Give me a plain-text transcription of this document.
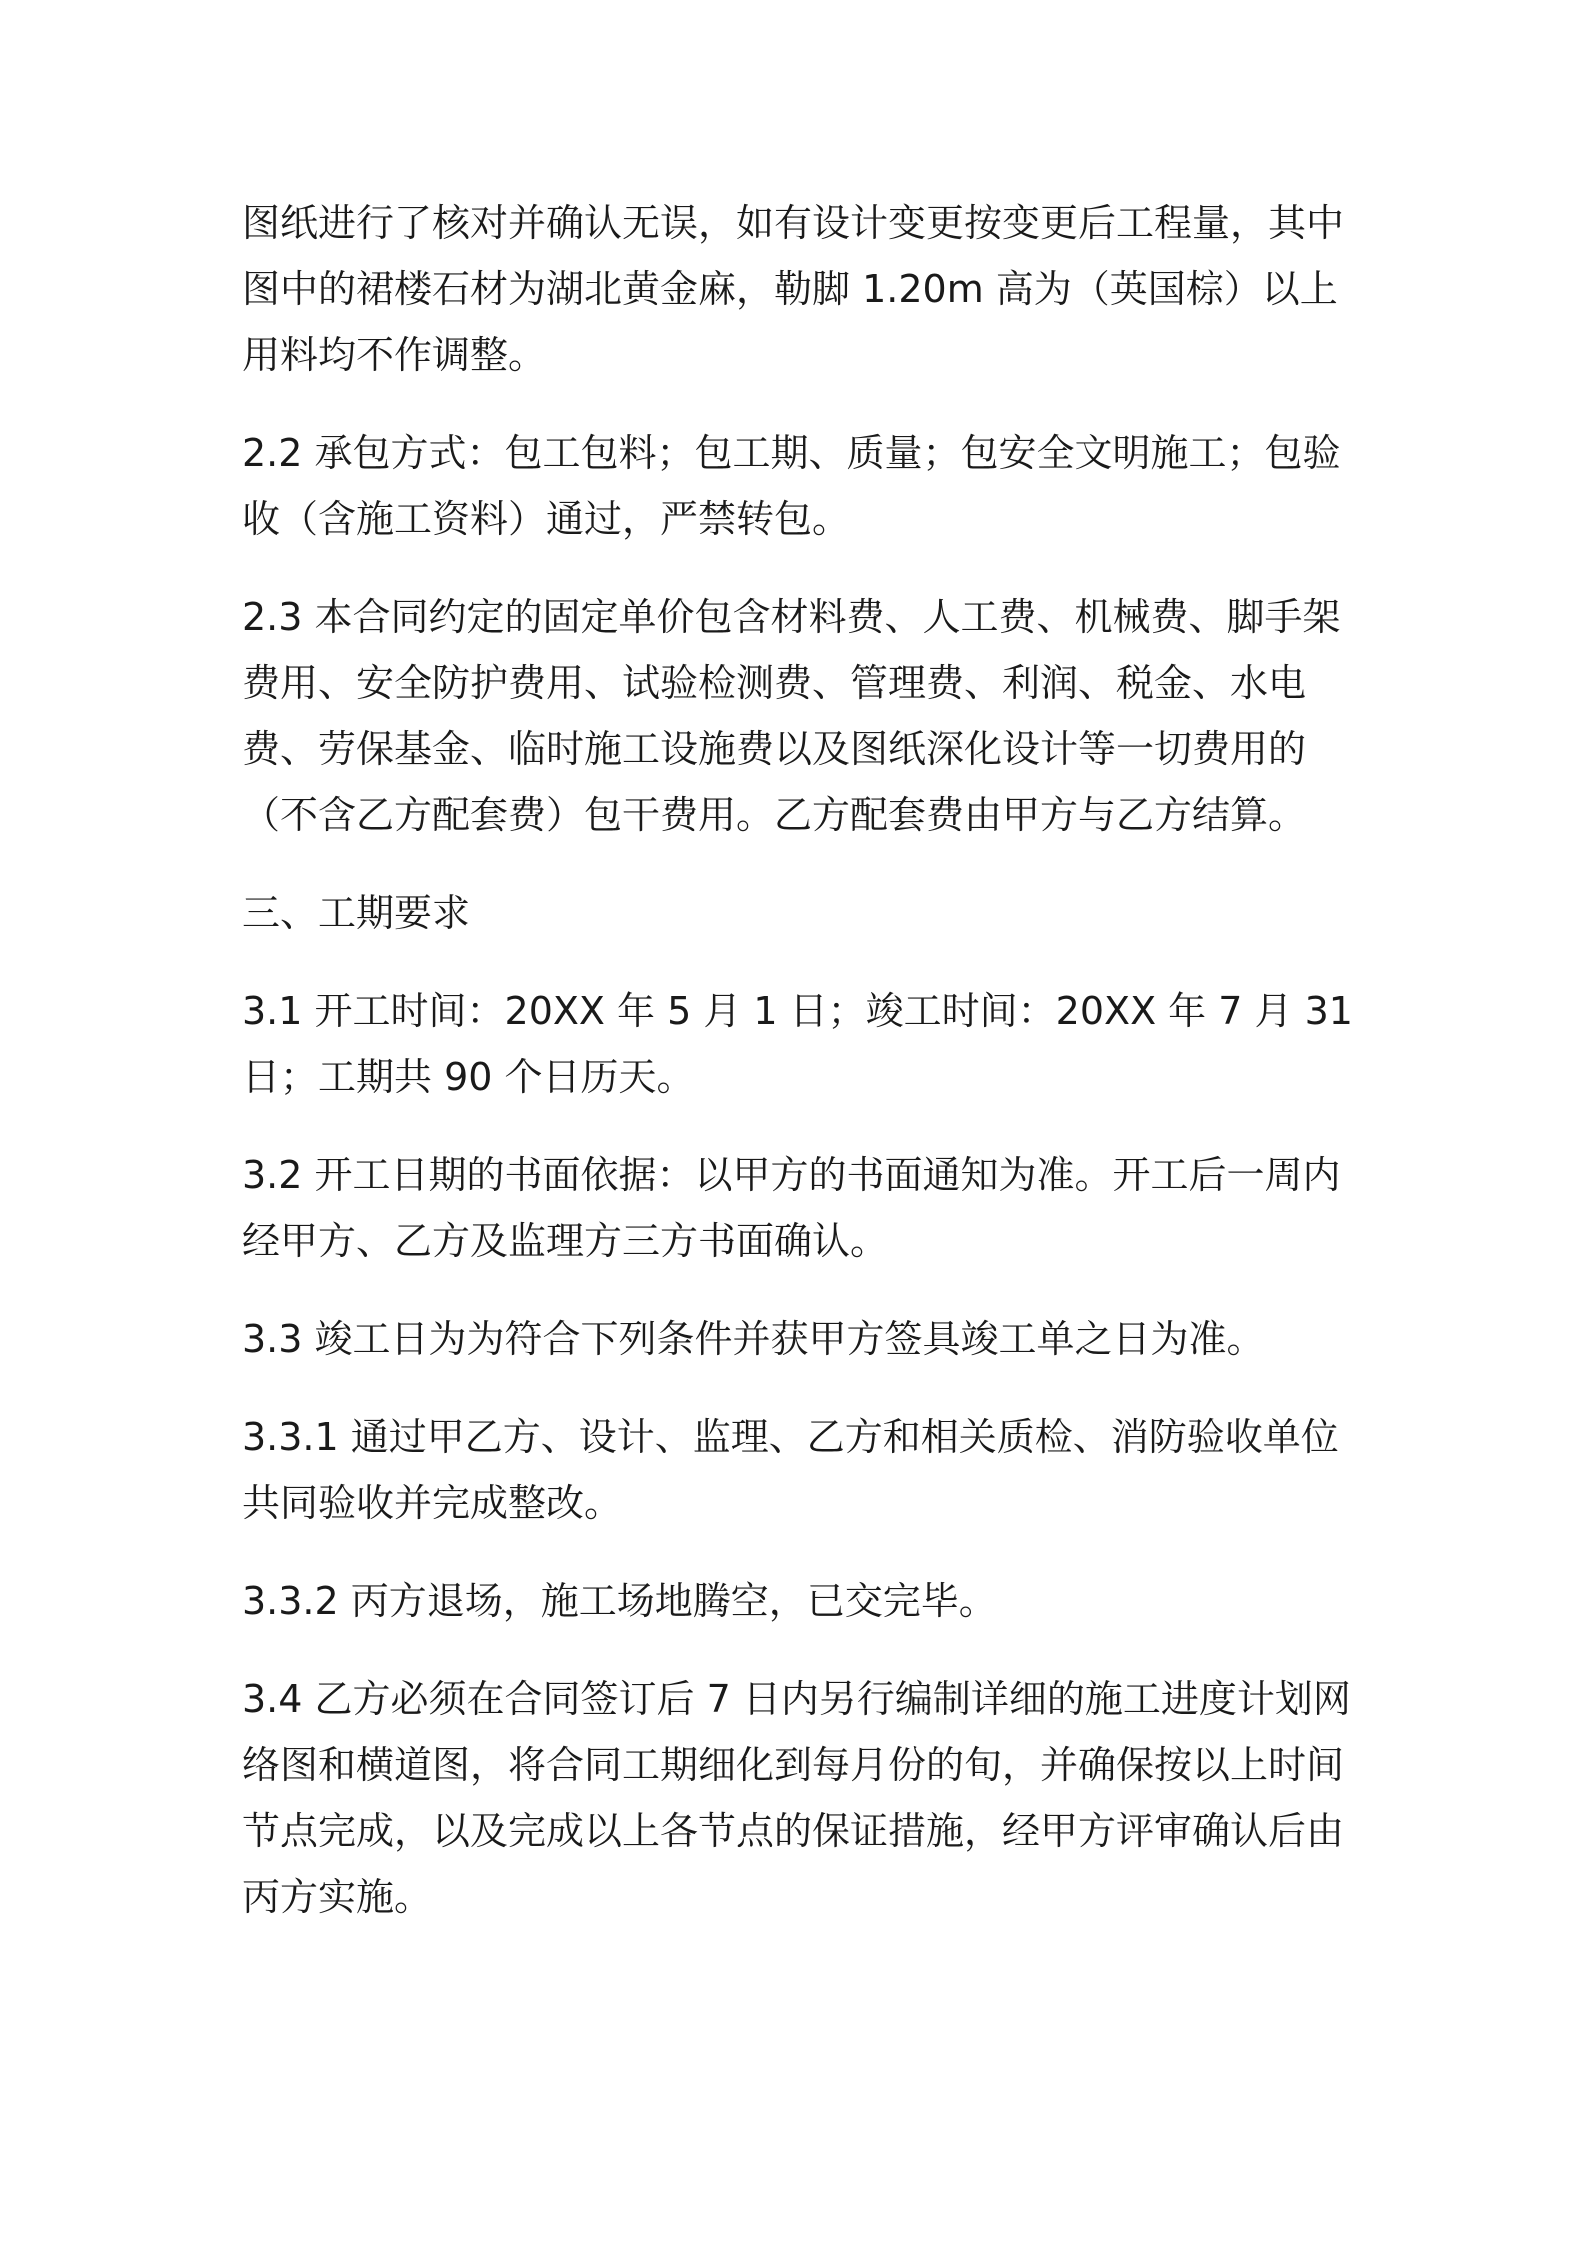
图纸进行了核对并确认无误，如有设计变更按变更后工程量，其中图中的裙楼石材为湖北黄金麻，勒脚 1.20m 高为（英国棕）以上用料均不作调整。

2.2 承包方式：包工包料；包工期、质量；包安全文明施工；包验收（含施工资料）通过，严禁转包。

2.3 本合同约定的固定单价包含材料费、人工费、机械费、脚手架费用、安全防护费用、试验检测费、管理费、利润、税金、水电费、劳保基金、临时施工设施费以及图纸深化设计等一切费用的（不含乙方配套费）包干费用。乙方配套费由甲方与乙方结算。

三、工期要求

3.1 开工时间：20XX 年 5 月 1 日；竣工时间：20XX 年 7 月 31 日；工期共 90 个日历天。

3.2 开工日期的书面依据：以甲方的书面通知为准。开工后一周内经甲方、乙方及监理方三方书面确认。

3.3 竣工日为为符合下列条件并获甲方签具竣工单之日为准。

3.3.1 通过甲乙方、设计、监理、乙方和相关质检、消防验收单位共同验收并完成整改。

3.3.2 丙方退场，施工场地腾空，已交完毕。

3.4 乙方必须在合同签订后 7 日内另行编制详细的施工进度计划网络图和横道图，将合同工期细化到每月份的旬，并确保按以上时间节点完成，以及完成以上各节点的保证措施，经甲方评审确认后由丙方实施。
